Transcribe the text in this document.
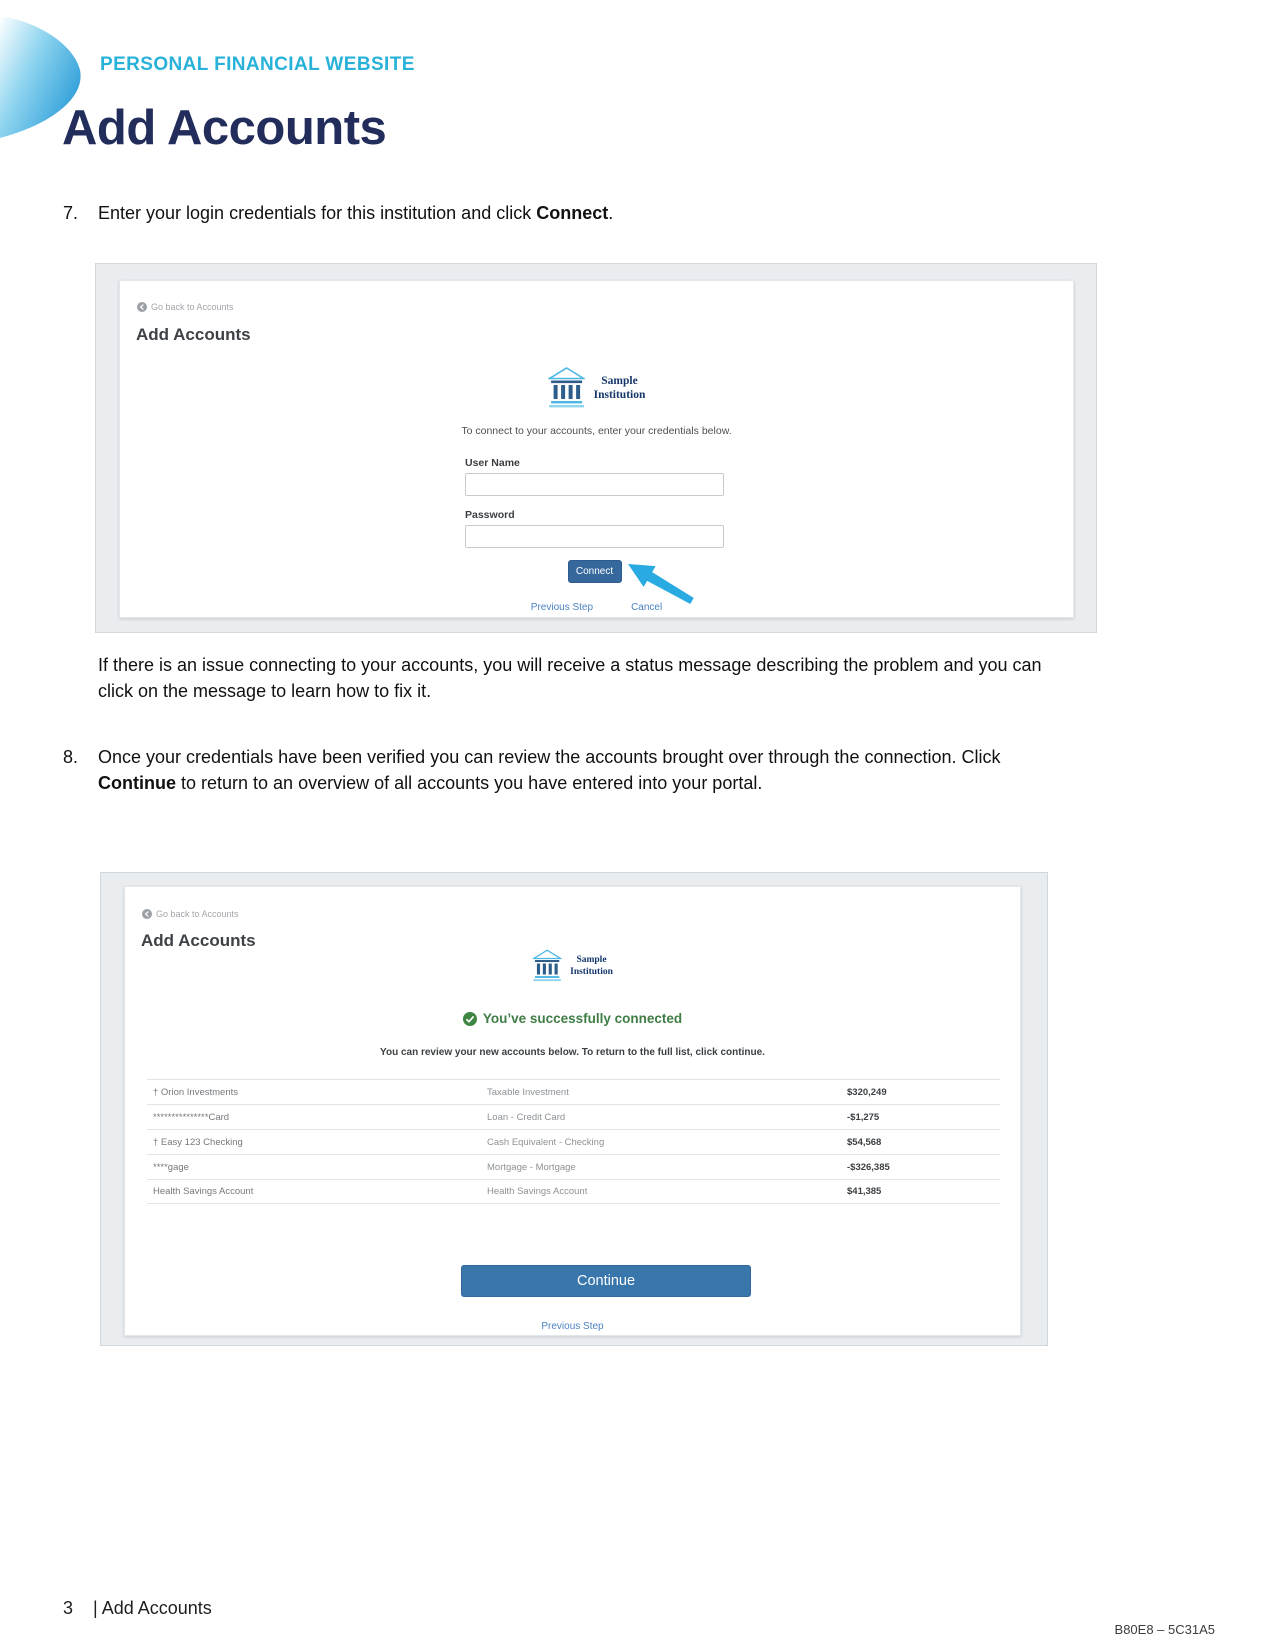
PERSONAL FINANCIAL WEBSITE
Add Accounts
7.	Enter your login credentials for this institution and click Connect.
Go back to Accounts
Add Accounts
Sample
Institution
To connect to your accounts, enter your credentials below.
User Name
Password
Connect
Previous Step	Cancel

If there is an issue connecting to your accounts, you will receive a status message describing the problem and you can click on the message to learn how to fix it.

8.	Once your credentials have been verified you can review the accounts brought over through the connection. Click Continue to return to an overview of all accounts you have entered into your portal.
Go back to Accounts
Add Accounts
Sample
Institution
You’ve successfully connected
You can review your new accounts below. To return to the full list, click continue.
† Orion Investments	Taxable Investment	$320,249
***************Card	Loan - Credit Card	-$1,275
† Easy 123 Checking	Cash Equivalent - Checking	$54,568
****gage	Mortgage - Mortgage	-$326,385
Health Savings Account	Health Savings Account	$41,385
Continue
Previous Step
3 | Add Accounts
B80E8 – 5C31A5
